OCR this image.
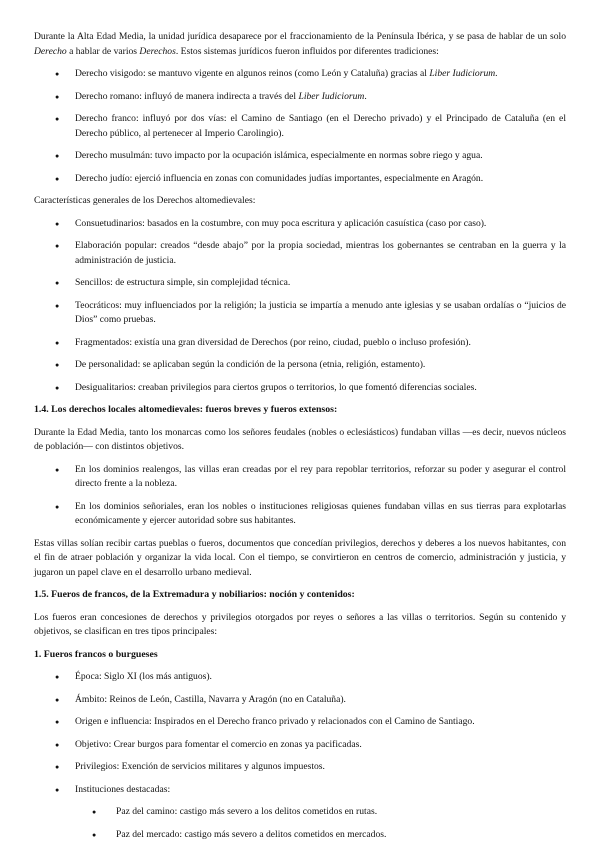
Durante la Alta Edad Media, la unidad jurídica desaparece por el fraccionamiento de la Península Ibérica, y se pasa de hablar de un solo Derecho a hablar de varios Derechos. Estos sistemas jurídicos fueron influidos por diferentes tradiciones:

● Derecho visigodo: se mantuvo vigente en algunos reinos (como León y Cataluña) gracias al Liber Iudiciorum.
● Derecho romano: influyó de manera indirecta a través del Liber Iudiciorum.
● Derecho franco: influyó por dos vías: el Camino de Santiago (en el Derecho privado) y el Principado de Cataluña (en el Derecho público, al pertenecer al Imperio Carolingio).
● Derecho musulmán: tuvo impacto por la ocupación islámica, especialmente en normas sobre riego y agua.
● Derecho judío: ejerció influencia en zonas con comunidades judías importantes, especialmente en Aragón.

Características generales de los Derechos altomedievales:

● Consuetudinarios: basados en la costumbre, con muy poca escritura y aplicación casuística (caso por caso).
● Elaboración popular: creados “desde abajo” por la propia sociedad, mientras los gobernantes se centraban en la guerra y la administración de justicia.
● Sencillos: de estructura simple, sin complejidad técnica.
● Teocráticos: muy influenciados por la religión; la justicia se impartía a menudo ante iglesias y se usaban ordalías o “juicios de Dios” como pruebas.
● Fragmentados: existía una gran diversidad de Derechos (por reino, ciudad, pueblo o incluso profesión).
● De personalidad: se aplicaban según la condición de la persona (etnia, religión, estamento).
● Desigualitarios: creaban privilegios para ciertos grupos o territorios, lo que fomentó diferencias sociales.
1.4. Los derechos locales altomedievales: fueros breves y fueros extensos:

Durante la Edad Media, tanto los monarcas como los señores feudales (nobles o eclesiásticos) fundaban villas —es decir, nuevos núcleos de población— con distintos objetivos.

● En los dominios realengos, las villas eran creadas por el rey para repoblar territorios, reforzar su poder y asegurar el control directo frente a la nobleza.
● En los dominios señoriales, eran los nobles o instituciones religiosas quienes fundaban villas en sus tierras para explotarlas económicamente y ejercer autoridad sobre sus habitantes.

Estas villas solían recibir cartas pueblas o fueros, documentos que concedían privilegios, derechos y deberes a los nuevos habitantes, con el fin de atraer población y organizar la vida local. Con el tiempo, se convirtieron en centros de comercio, administración y justicia, y jugaron un papel clave en el desarrollo urbano medieval.

1.5. Fueros de francos, de la Extremadura y nobiliarios: noción y contenidos:

Los fueros eran concesiones de derechos y privilegios otorgados por reyes o señores a las villas o territorios. Según su contenido y objetivos, se clasifican en tres tipos principales:

1. Fueros francos o burgueses
● Época: Siglo XI (los más antiguos).
● Ámbito: Reinos de León, Castilla, Navarra y Aragón (no en Cataluña).
● Origen e influencia: Inspirados en el Derecho franco privado y relacionados con el Camino de Santiago.
● Objetivo: Crear burgos para fomentar el comercio en zonas ya pacificadas.
● Privilegios: Exención de servicios militares y algunos impuestos.
● Instituciones destacadas:
● Paz del camino: castigo más severo a los delitos cometidos en rutas.
● Paz del mercado: castigo más severo a delitos cometidos en mercados.
